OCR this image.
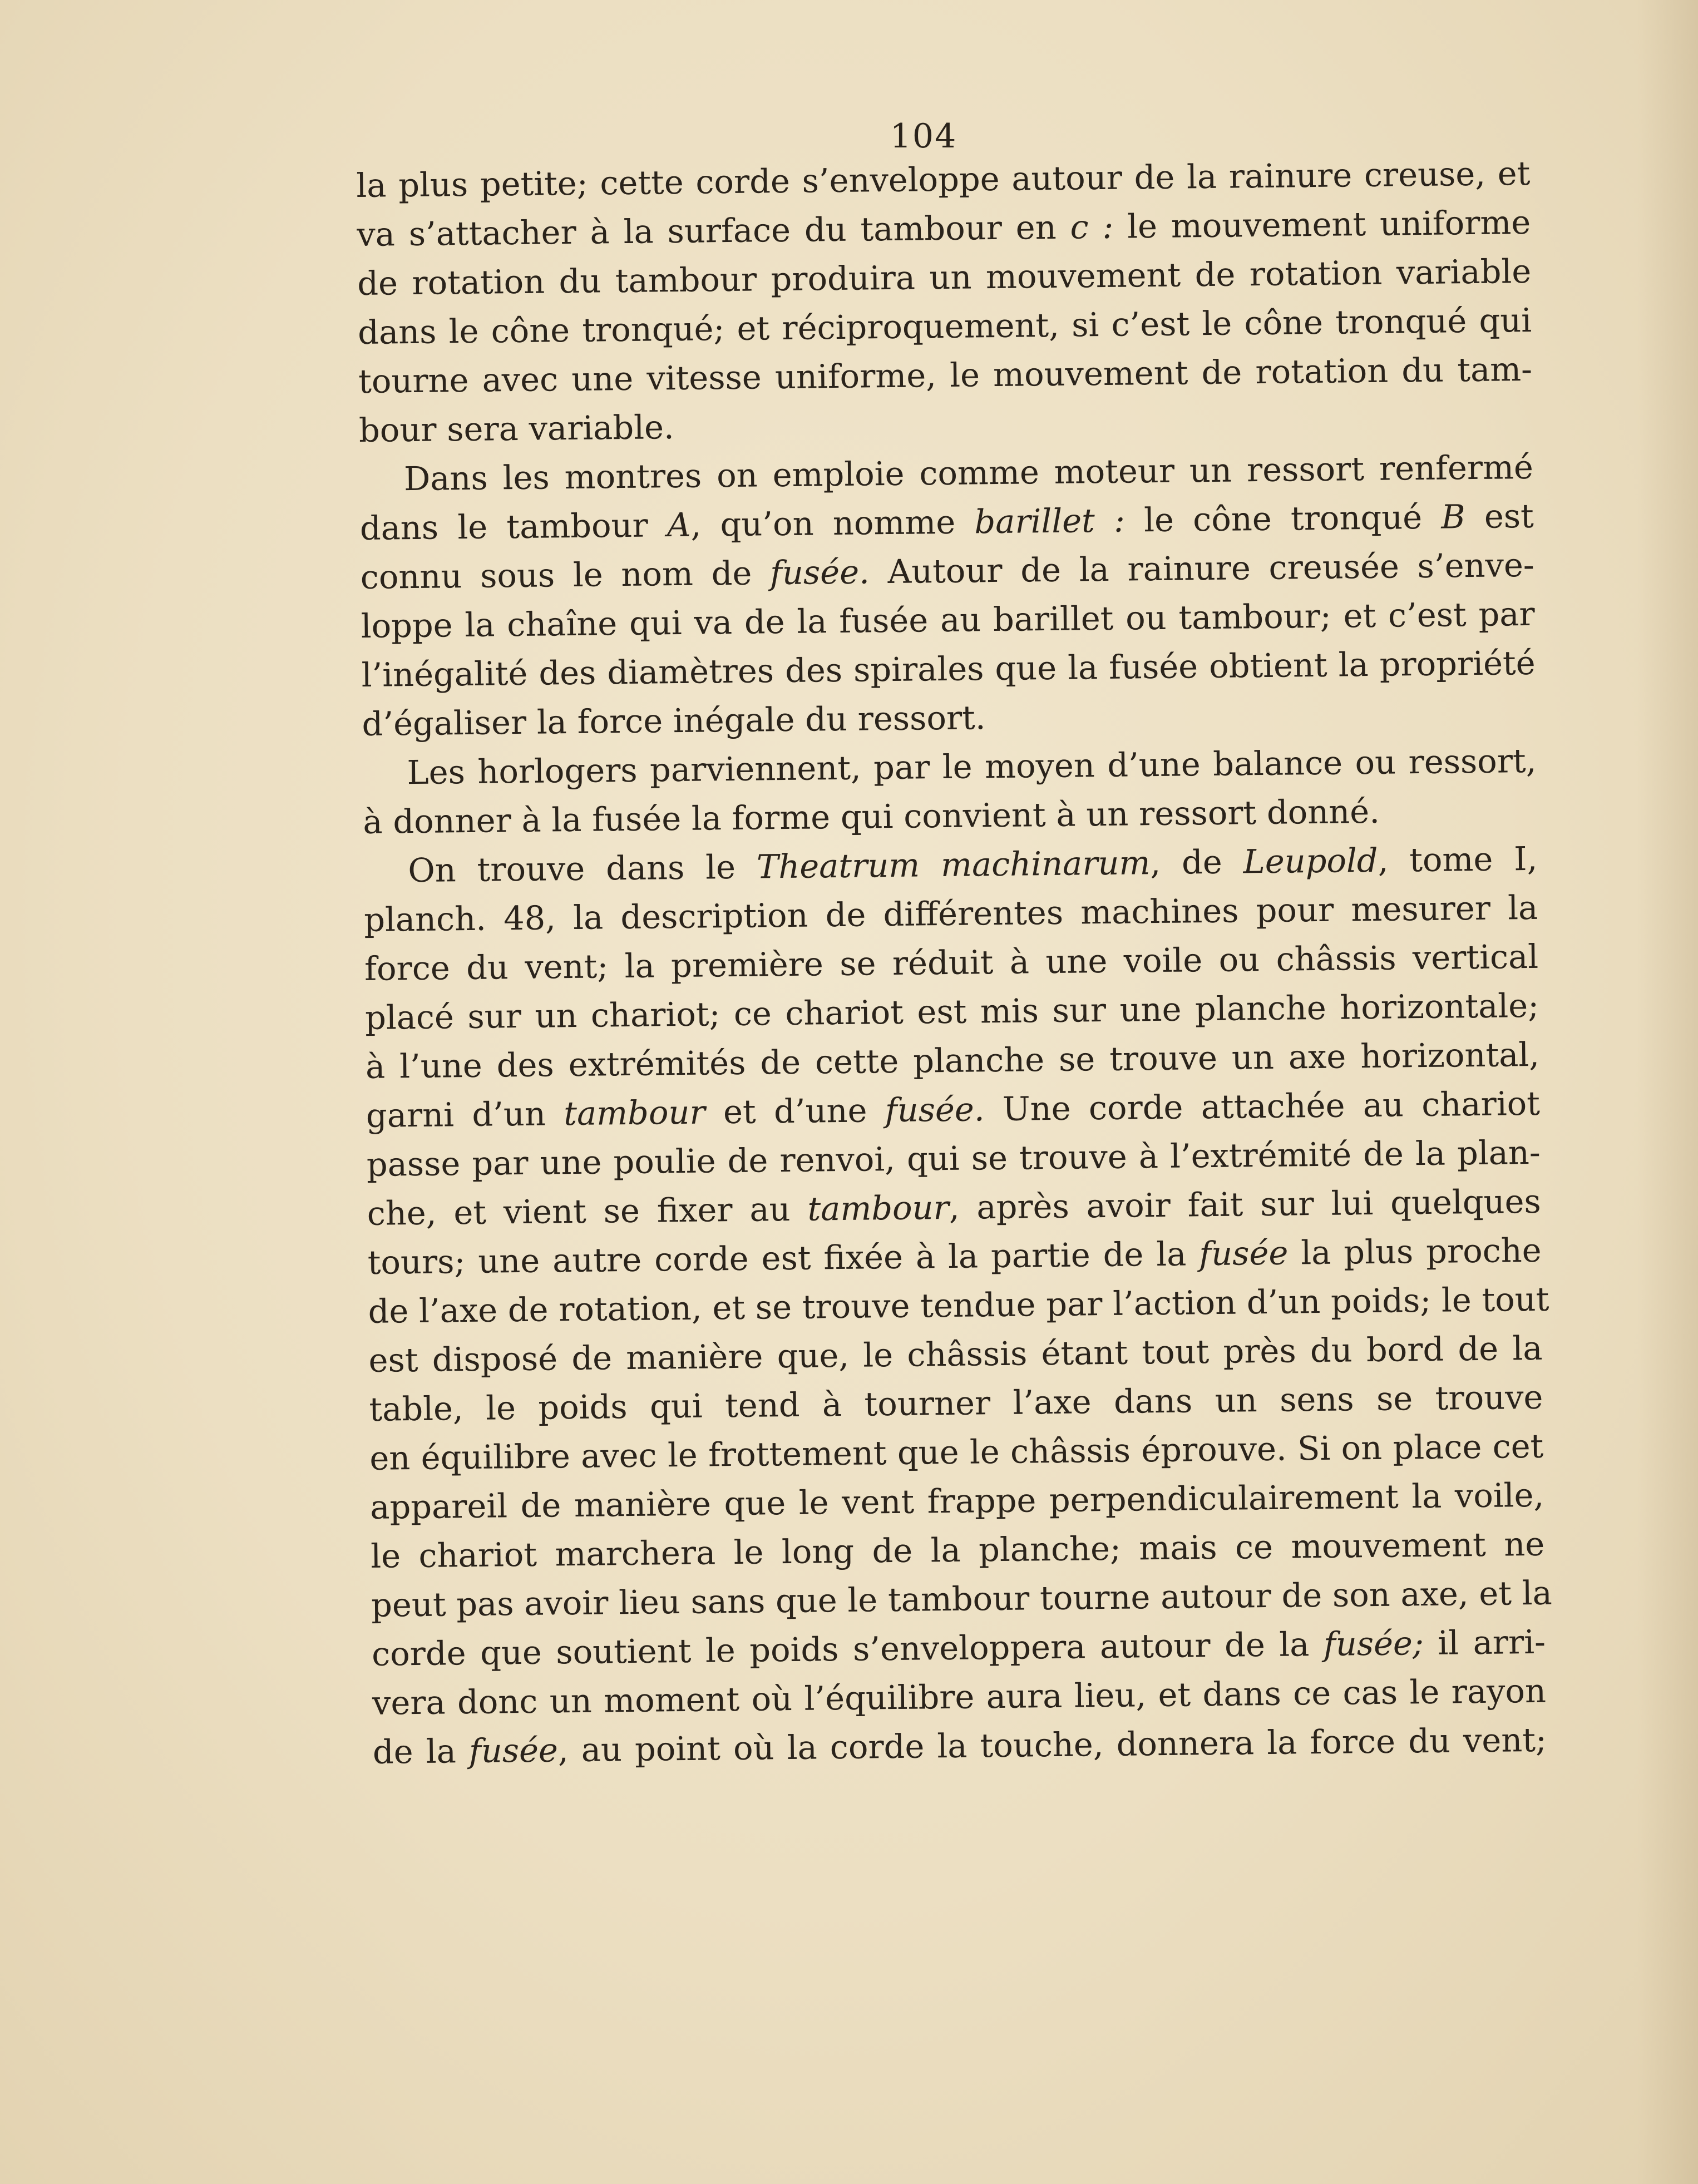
104
la plus petite; cette corde s’enveloppe autour de la rainure creuse, et
va s’attacher à la surface du tambour en c : le mouvement uniforme
de rotation du tambour produira un mouvement de rotation variable
dans le cône tronqué; et réciproquement, si c’est le cône tronqué qui
tourne avec une vitesse uniforme, le mouvement de rotation du tam-
bour sera variable.
Dans les montres on emploie comme moteur un ressort renfermé
dans le tambour A, qu’on nomme barillet : le cône tronqué B est
connu sous le nom de fusée. Autour de la rainure creusée s’enve-
loppe la chaîne qui va de la fusée au barillet ou tambour; et c’est par
l’inégalité des diamètres des spirales que la fusée obtient la propriété
d’égaliser la force inégale du ressort.
Les horlogers parviennent, par le moyen d’une balance ou ressort,
à donner à la fusée la forme qui convient à un ressort donné.
On trouve dans le Theatrum machinarum, de Leupold, tome I,
planch. 48, la description de différentes machines pour mesurer la
force du vent; la première se réduit à une voile ou châssis vertical
placé sur un chariot; ce chariot est mis sur une planche horizontale;
à l’une des extrémités de cette planche se trouve un axe horizontal,
garni d’un tambour et d’une fusée. Une corde attachée au chariot
passe par une poulie de renvoi, qui se trouve à l’extrémité de la plan-
che, et vient se fixer au tambour, après avoir fait sur lui quelques
tours; une autre corde est fixée à la partie de la fusée la plus proche
de l’axe de rotation, et se trouve tendue par l’action d’un poids; le tout
est disposé de manière que, le châssis étant tout près du bord de la
table, le poids qui tend à tourner l’axe dans un sens se trouve
en équilibre avec le frottement que le châssis éprouve. Si on place cet
appareil de manière que le vent frappe perpendiculairement la voile,
le chariot marchera le long de la planche; mais ce mouvement ne
peut pas avoir lieu sans que le tambour tourne autour de son axe, et la
corde que soutient le poids s’enveloppera autour de la fusée; il arri-
vera donc un moment où l’équilibre aura lieu, et dans ce cas le rayon
de la fusée, au point où la corde la touche, donnera la force du vent;
